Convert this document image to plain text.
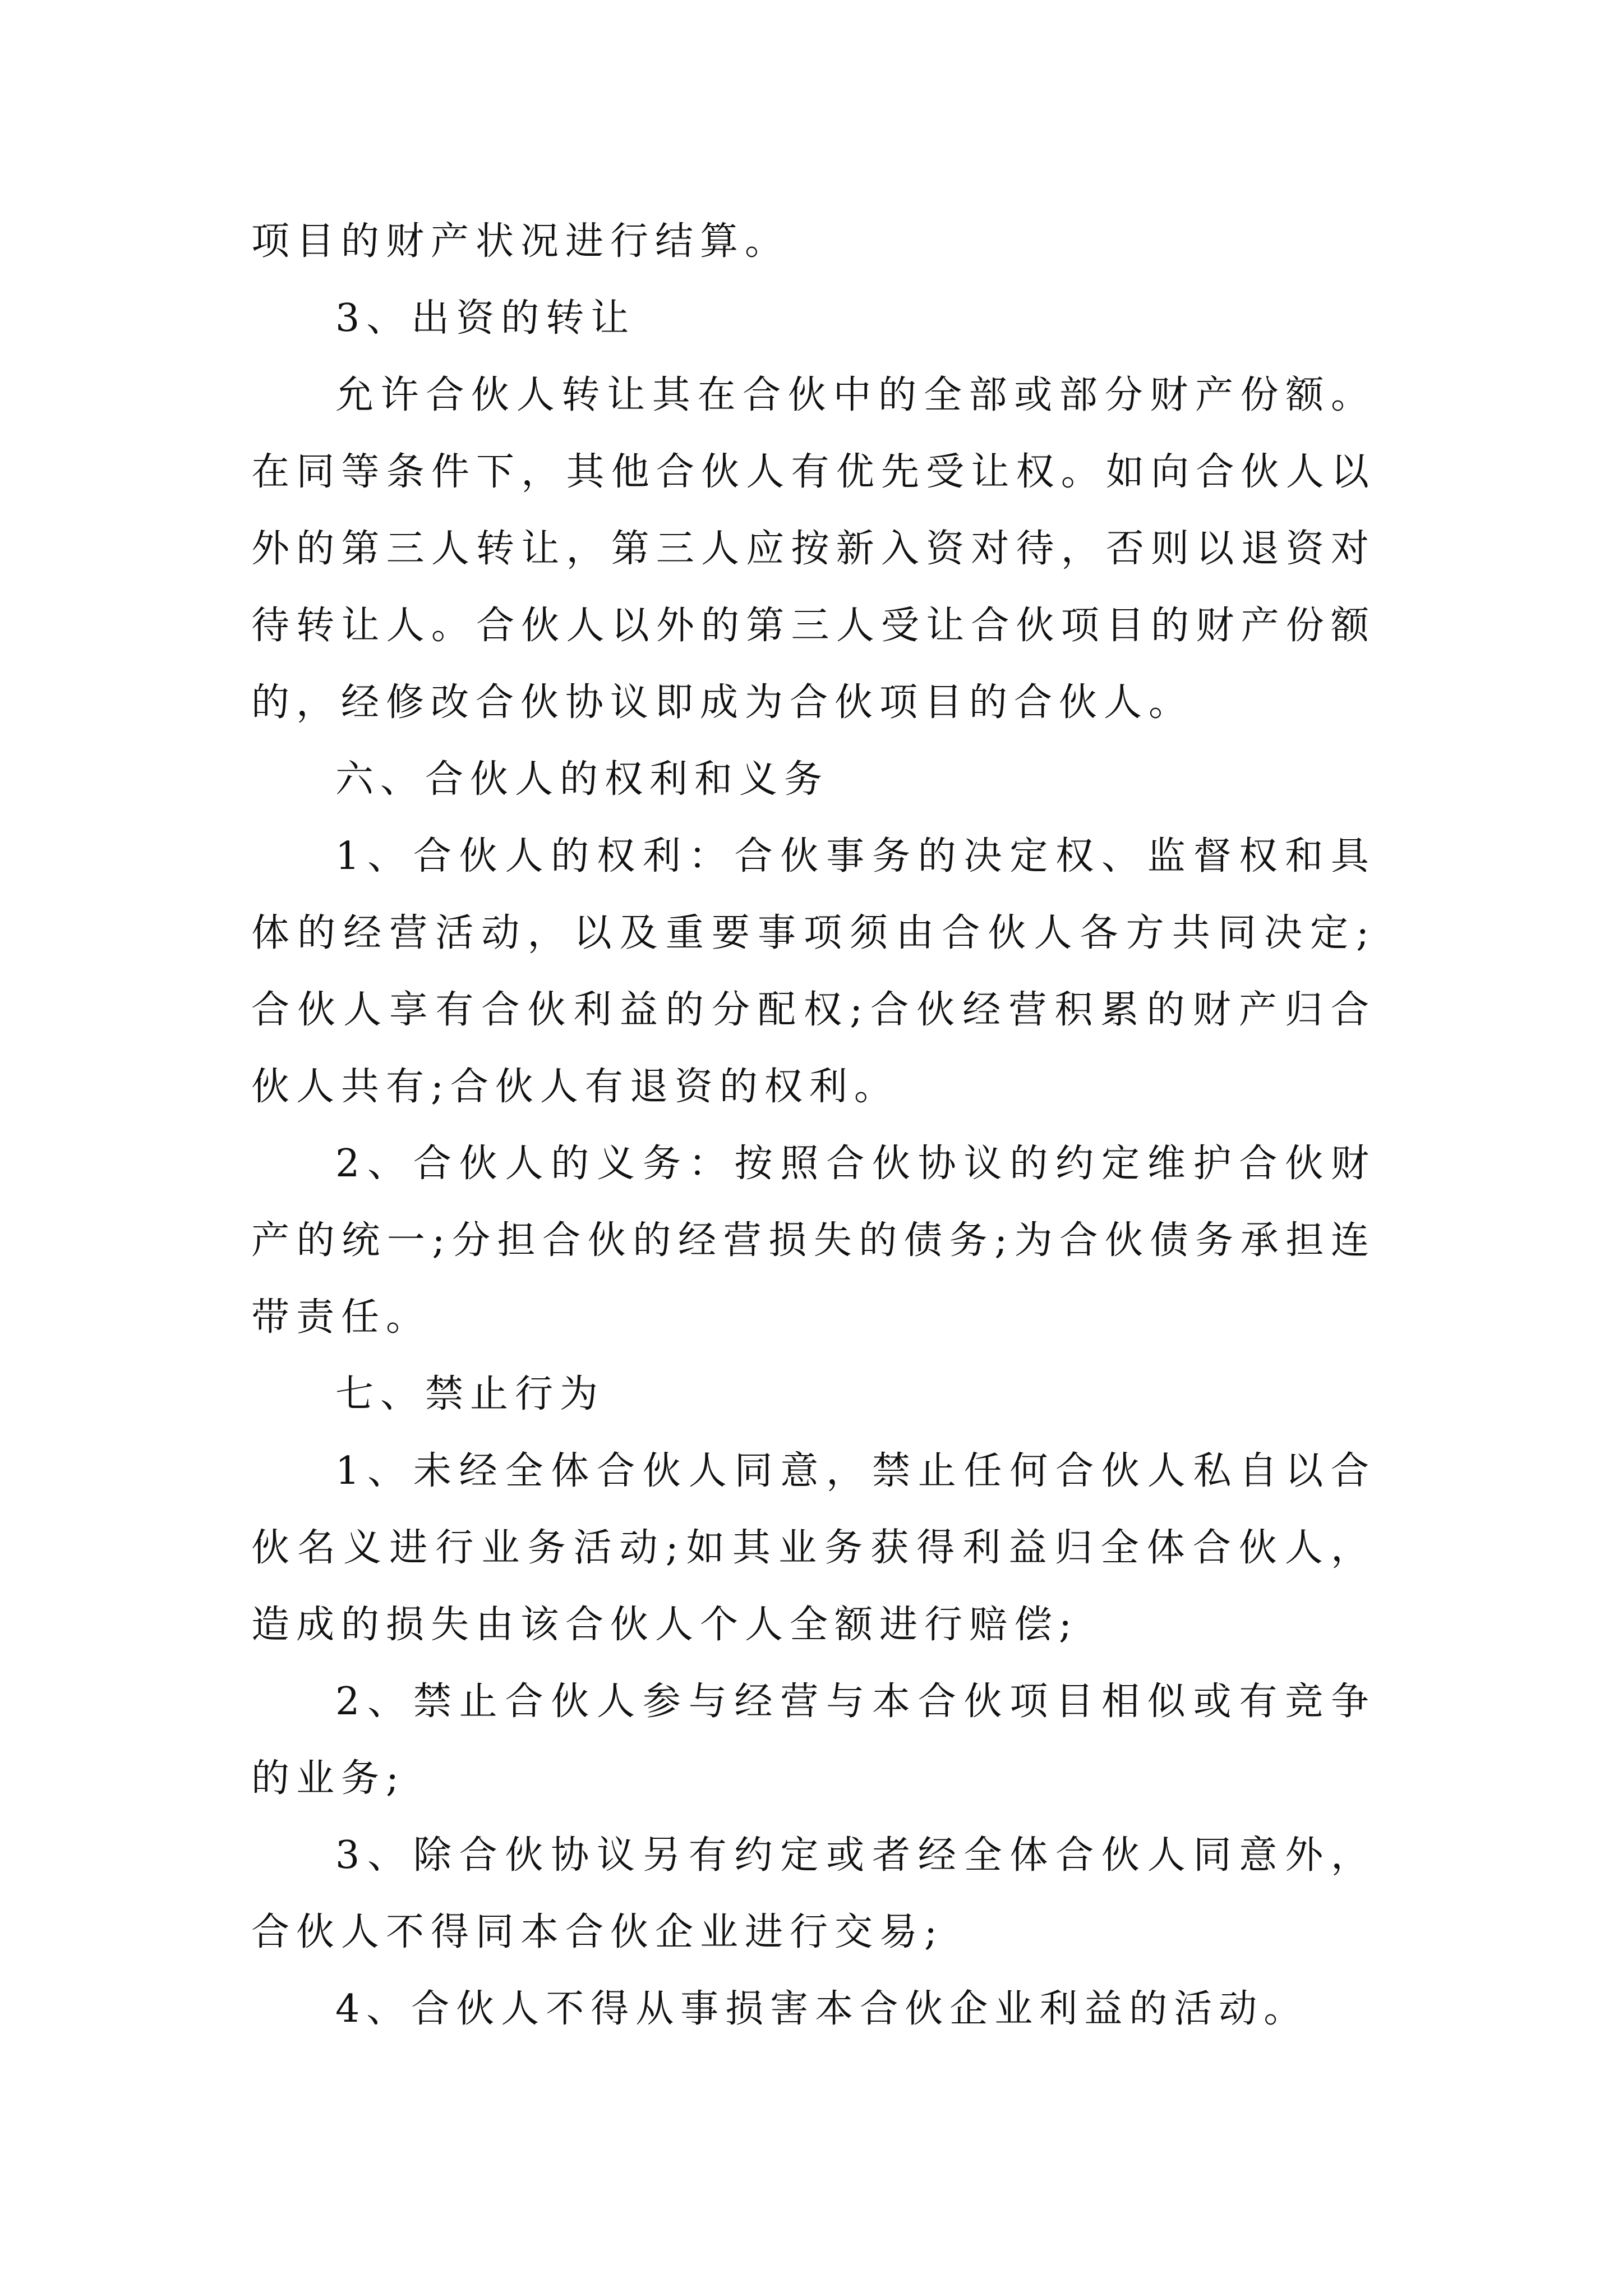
项目的财产状况进行结算。

3、出资的转让

允许合伙人转让其在合伙中的全部或部分财产份额。在同等条件下，其他合伙人有优先受让权。如向合伙人以外的第三人转让，第三人应按新入资对待，否则以退资对待转让人。合伙人以外的第三人受让合伙项目的财产份额的，经修改合伙协议即成为合伙项目的合伙人。

六、合伙人的权利和义务

1、合伙人的权利：合伙事务的决定权、监督权和具体的经营活动，以及重要事项须由合伙人各方共同决定;合伙人享有合伙利益的分配权;合伙经营积累的财产归合伙人共有;合伙人有退资的权利。

2、合伙人的义务：按照合伙协议的约定维护合伙财产的统一;分担合伙的经营损失的债务;为合伙债务承担连带责任。

七、禁止行为

1、未经全体合伙人同意，禁止任何合伙人私自以合伙名义进行业务活动;如其业务获得利益归全体合伙人，造成的损失由该合伙人个人全额进行赔偿;

2、禁止合伙人参与经营与本合伙项目相似或有竞争的业务;

3、除合伙协议另有约定或者经全体合伙人同意外，合伙人不得同本合伙企业进行交易;

4、合伙人不得从事损害本合伙企业利益的活动。
